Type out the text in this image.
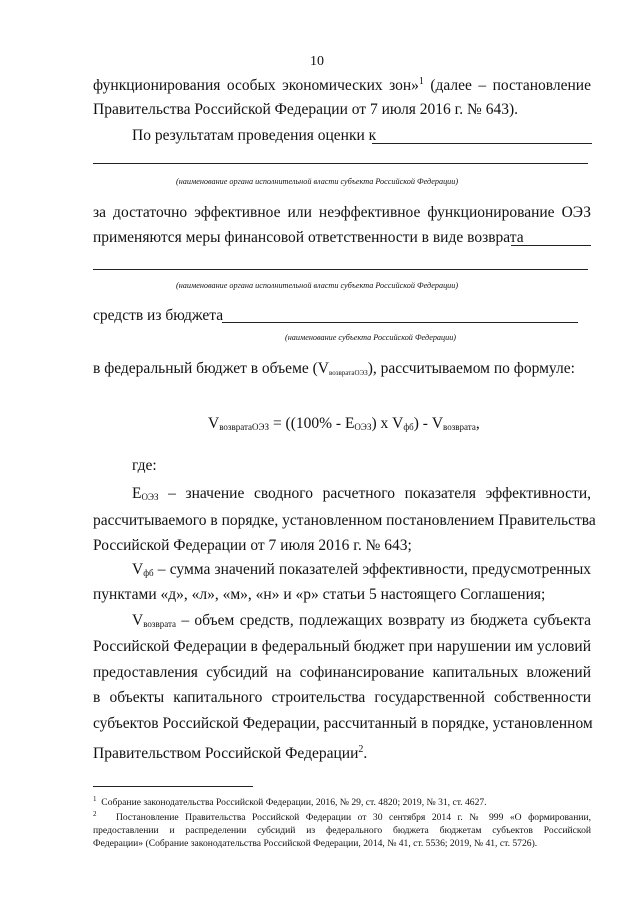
10
функционирования особых экономических зон»$^1$ (далее – постановление
Правительства Российской Федерации от 7 июля 2016 г. № 643).
По результатам проведения оценки к
(наименование органа исполнительной власти субъекта Российской Федерации)
за достаточно эффективное или неэффективное функционирование ОЭЗ
применяются меры финансовой ответственности в виде возврата
(наименование органа исполнительной власти субъекта Российской Федерации)
средств из бюджета
(наименование субъекта Российской Федерации)
в федеральный бюджет в объеме $(V_{возвратаОЭЗ})$, рассчитываемом по формуле:
$V_{возвратаОЭЗ} = ((100\% - Е_{ОЭЗ})$ х $V_{фб}) - V_{возврата}$,
где:
$Е_{ОЭЗ}$ – значение сводного расчетного показателя эффективности,
рассчитываемого в порядке, установленном постановлением Правительства
Российской Федерации от 7 июля 2016 г. № 643;
$V_{фб}$ – сумма значений показателей эффективности, предусмотренных
пунктами «д», «л», «м», «н» и «р» статьи 5 настоящего Соглашения;
$V_{возврата}$ – объем средств, подлежащих возврату из бюджета субъекта
Российской Федерации в федеральный бюджет при нарушении им условий
предоставления субсидий на софинансирование капитальных вложений
в объекты капитального строительства государственной собственности
субъектов Российской Федерации, рассчитанный в порядке, установленном
Правительством Российской Федерации$^2$.
$^1$ Собрание законодательства Российской Федерации, 2016, № 29, ст. 4820; 2019, № 31, ст. 4627.
$^2$ Постановление Правительства Российской Федерации от 30 сентября 2014 г. № 999 «О формировании,
предоставлении и распределении субсидий из федерального бюджета бюджетам субъектов Российской
Федерации» (Собрание законодательства Российской Федерации, 2014, № 41, ст. 5536; 2019, № 41, ст. 5726).
